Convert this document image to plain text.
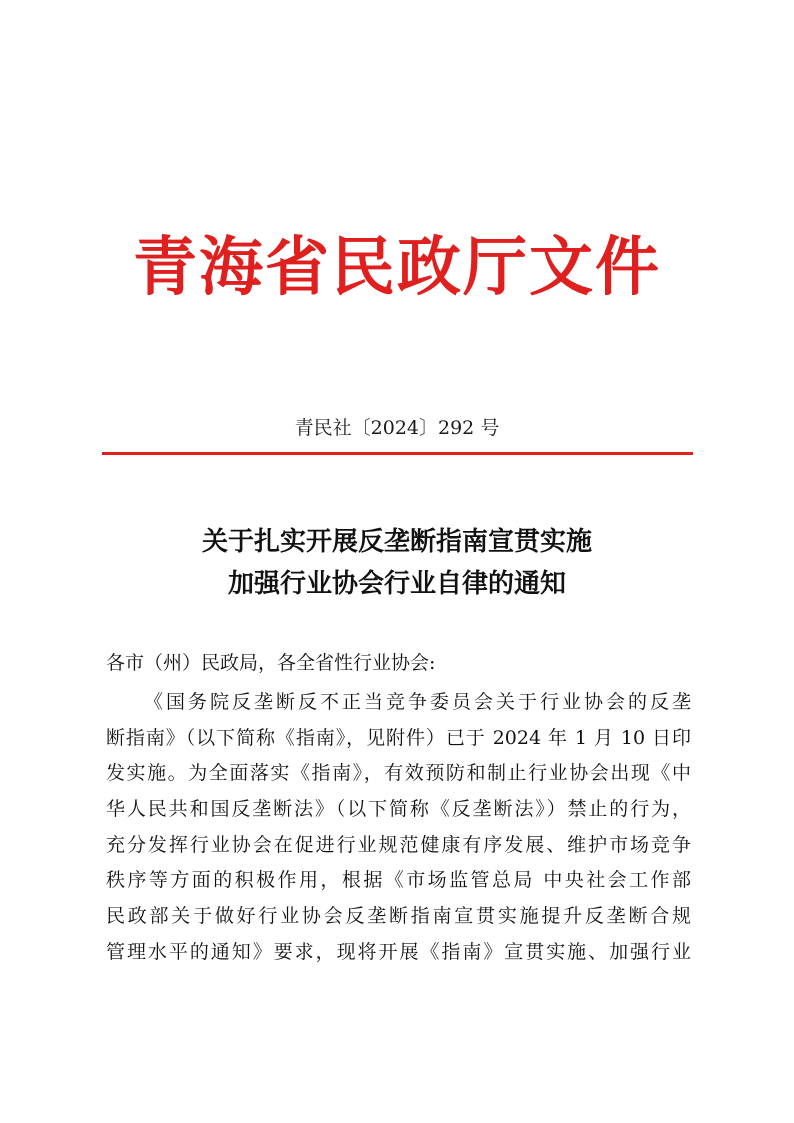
青海省民政厅文件
青民社〔2024〕292 号
关于扎实开展反垄断指南宣贯实施
加强行业协会行业自律的通知
各市（州）民政局，各全省性行业协会:
《国务院反垄断反不正当竞争委员会关于行业协会的反垄
断指南》（以下简称《指南》，见附件）已于 2024 年 1 月 10 日印
发实施。为全面落实《指南》，有效预防和制止行业协会出现《中
华人民共和国反垄断法》（以下简称《反垄断法》）禁止的行为，
充分发挥行业协会在促进行业规范健康有序发展、维护市场竞争
秩序等方面的积极作用，根据《市场监管总局 中央社会工作部
民政部关于做好行业协会反垄断指南宣贯实施提升反垄断合规
管理水平的通知》要求，现将开展《指南》宣贯实施、加强行业
